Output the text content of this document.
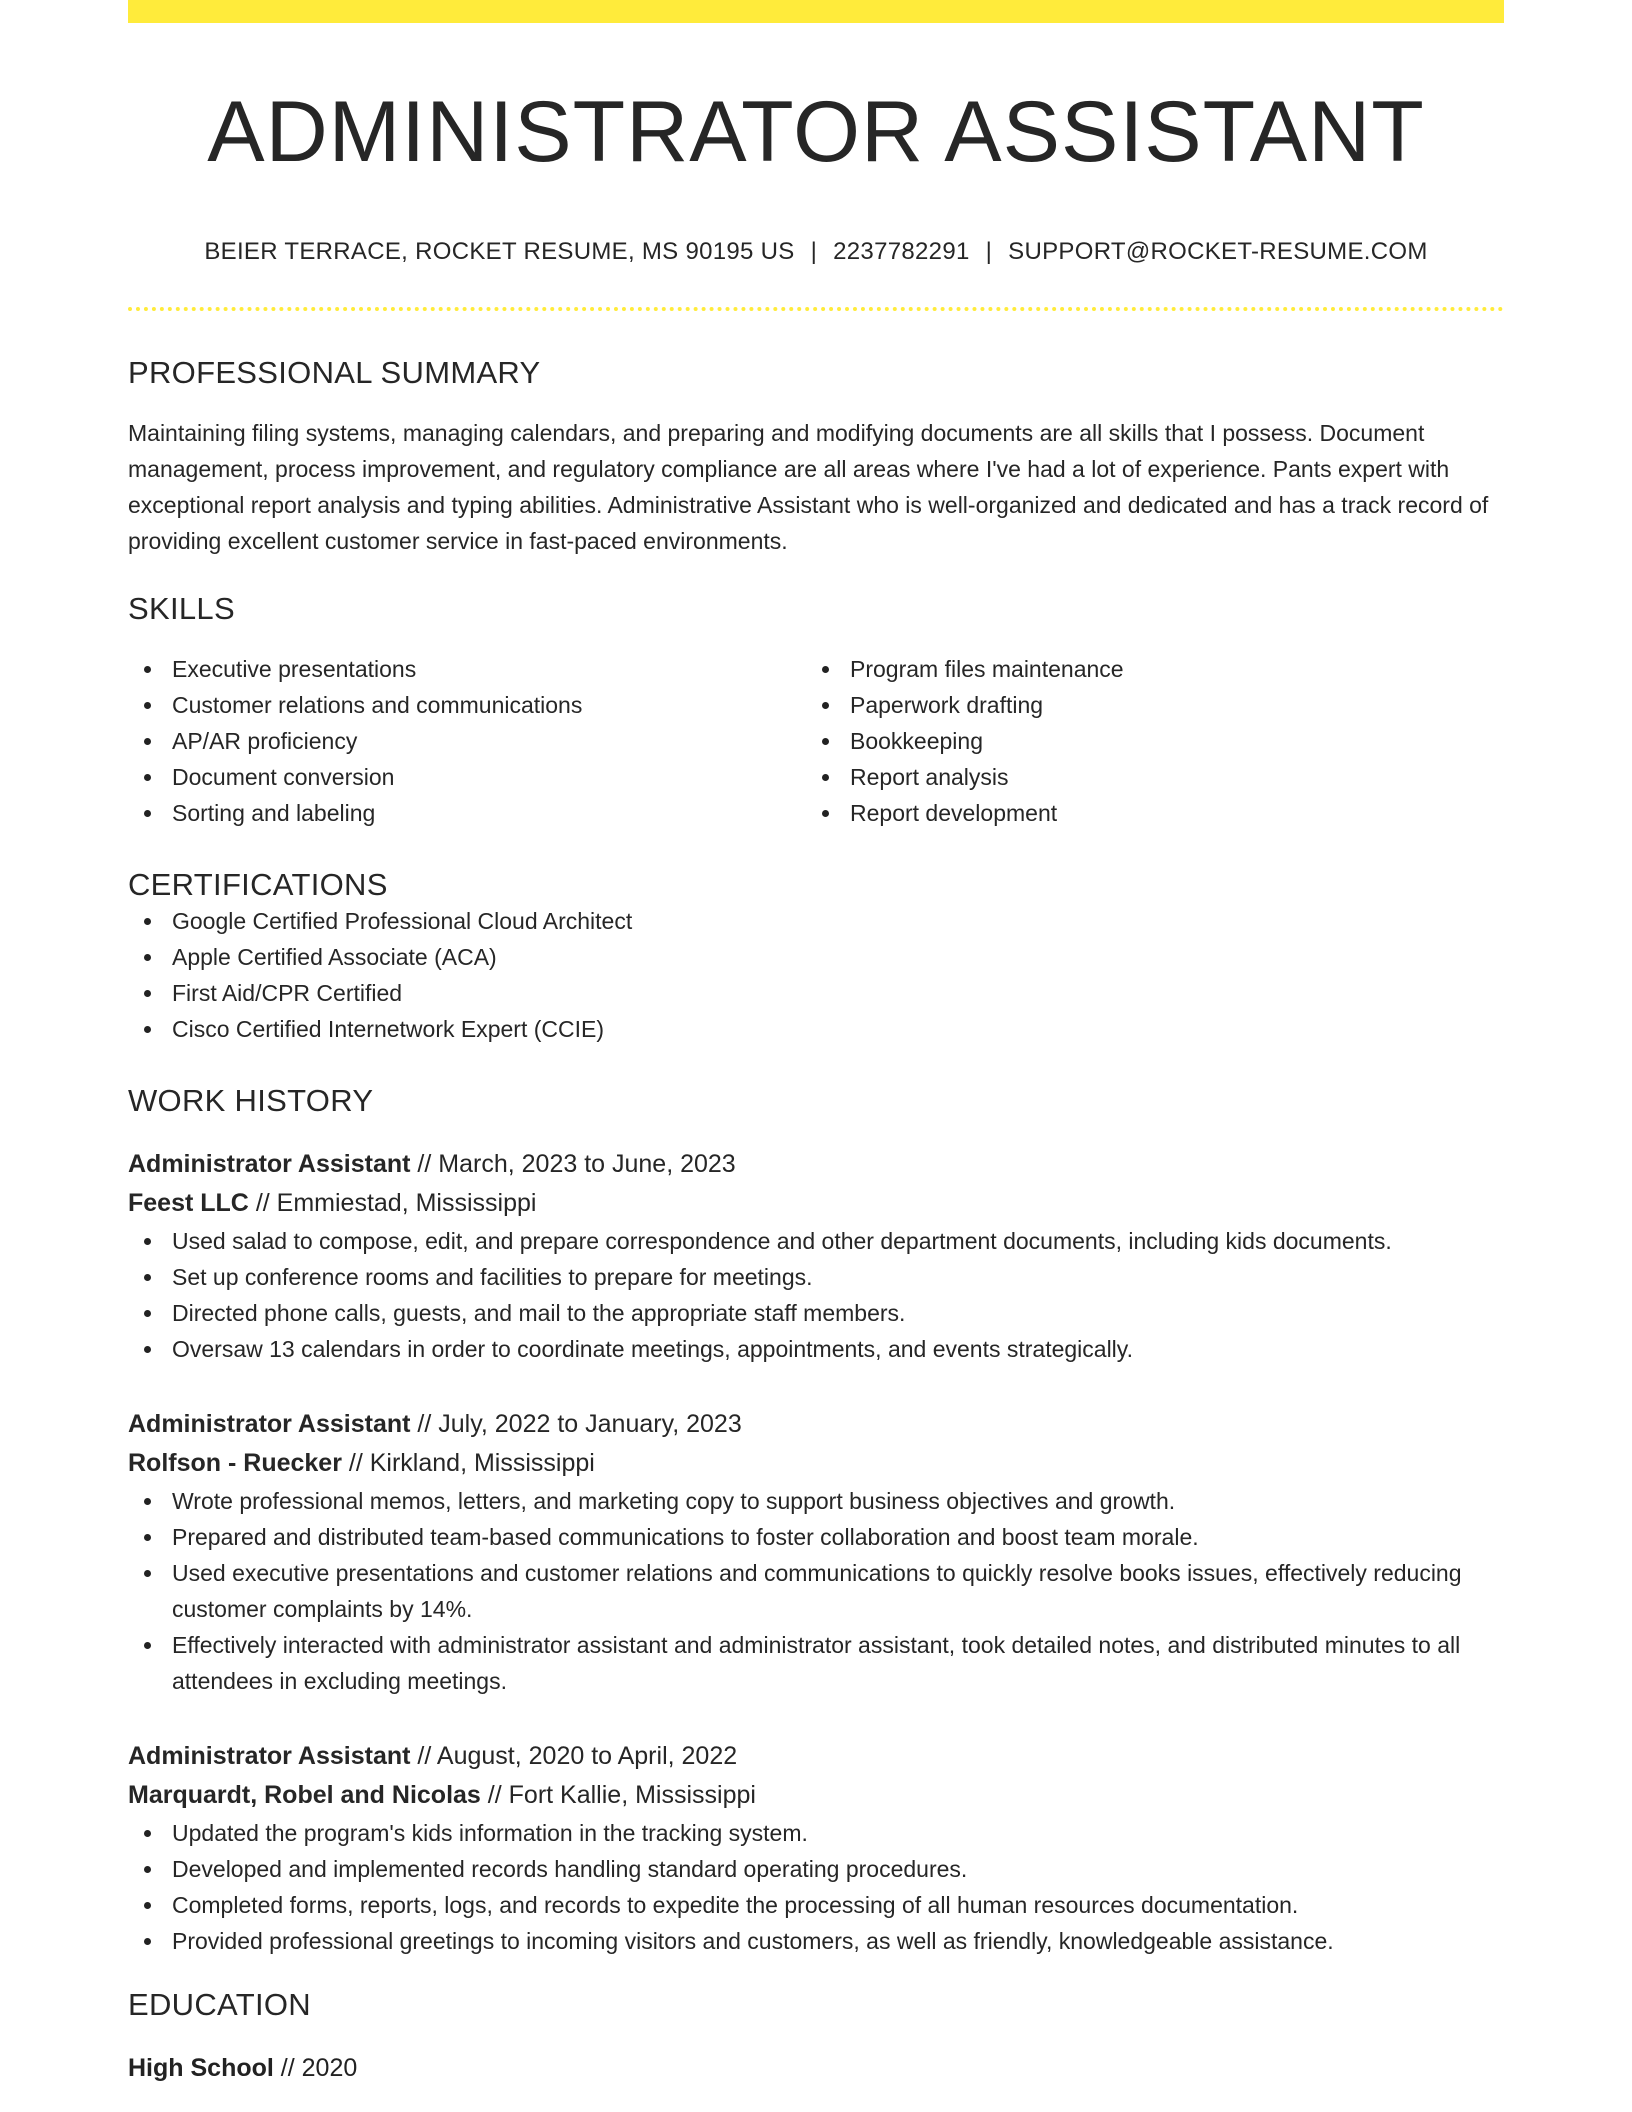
ADMINISTRATOR ASSISTANT
BEIER TERRACE, ROCKET RESUME, MS 90195 US | 2237782291 | SUPPORT@ROCKET-RESUME.COM
PROFESSIONAL SUMMARY

Maintaining filing systems, managing calendars, and preparing and modifying documents are all skills that I possess. Document management, process improvement, and regulatory compliance are all areas where I've had a lot of experience. Pants expert with exceptional report analysis and typing abilities. Administrative Assistant who is well-organized and dedicated and has a track record of providing excellent customer service in fast-paced environments.

SKILLS
Executive presentations
Customer relations and communications
AP/AR proficiency
Document conversion
Sorting and labeling
Program files maintenance
Paperwork drafting
Bookkeeping
Report analysis
Report development
CERTIFICATIONS
Google Certified Professional Cloud Architect
Apple Certified Associate (ACA)
First Aid/CPR Certified
Cisco Certified Internetwork Expert (CCIE)
WORK HISTORY
Administrator Assistant // March, 2023 to June, 2023
Feest LLC // Emmiestad, Mississippi
Used salad to compose, edit, and prepare correspondence and other department documents, including kids documents.
Set up conference rooms and facilities to prepare for meetings.
Directed phone calls, guests, and mail to the appropriate staff members.
Oversaw 13 calendars in order to coordinate meetings, appointments, and events strategically.
Administrator Assistant // July, 2022 to January, 2023
Rolfson - Ruecker // Kirkland, Mississippi
Wrote professional memos, letters, and marketing copy to support business objectives and growth.
Prepared and distributed team-based communications to foster collaboration and boost team morale.
Used executive presentations and customer relations and communications to quickly resolve books issues, effectively reducing customer complaints by 14%.
Effectively interacted with administrator assistant and administrator assistant, took detailed notes, and distributed minutes to all attendees in excluding meetings.
Administrator Assistant // August, 2020 to April, 2022
Marquardt, Robel and Nicolas // Fort Kallie, Mississippi
Updated the program's kids information in the tracking system.
Developed and implemented records handling standard operating procedures.
Completed forms, reports, logs, and records to expedite the processing of all human resources documentation.
Provided professional greetings to incoming visitors and customers, as well as friendly, knowledgeable assistance.
EDUCATION
High School // 2020
